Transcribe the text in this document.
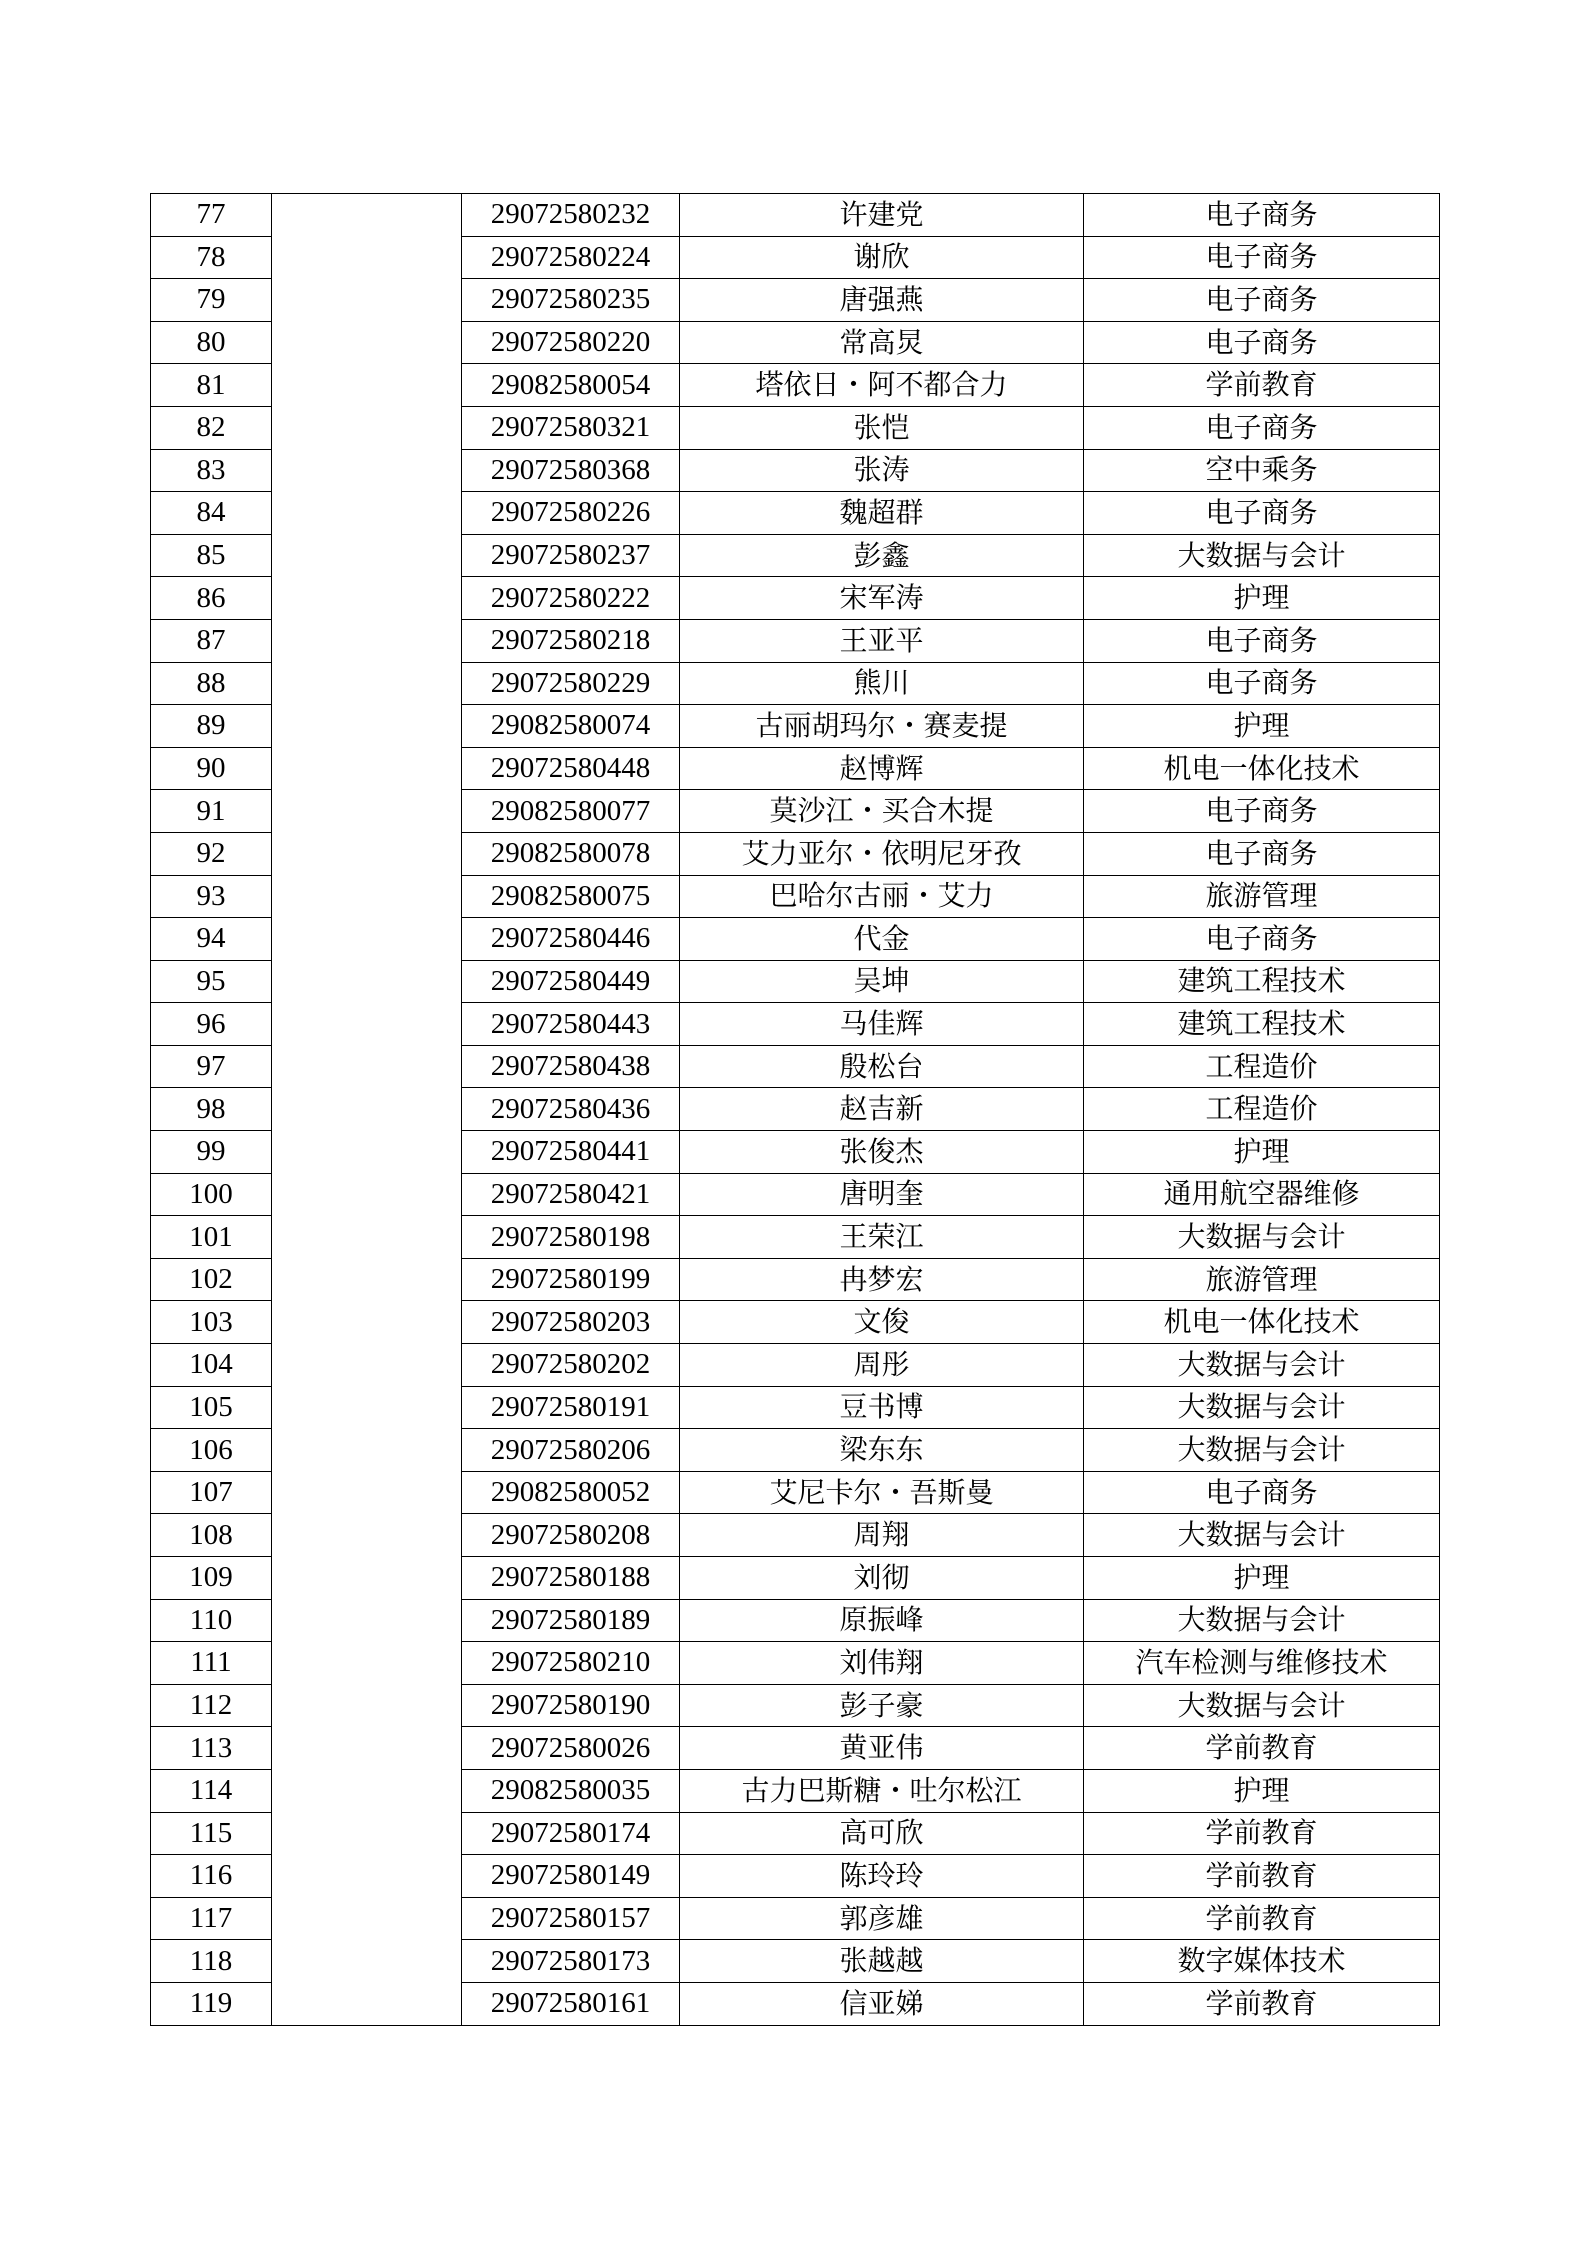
77		29072580232	许建党	电子商务
78		29072580224	谢欣	电子商务
79		29072580235	唐强燕	电子商务
80		29072580220	常高炅	电子商务
81		29082580054	塔依日・阿不都合力	学前教育
82		29072580321	张恺	电子商务
83		29072580368	张涛	空中乘务
84		29072580226	魏超群	电子商务
85		29072580237	彭鑫	大数据与会计
86		29072580222	宋军涛	护理
87		29072580218	王亚平	电子商务
88		29072580229	熊川	电子商务
89		29082580074	古丽胡玛尔・赛麦提	护理
90		29072580448	赵博辉	机电一体化技术
91		29082580077	莫沙江・买合木提	电子商务
92		29082580078	艾力亚尔・依明尼牙孜	电子商务
93		29082580075	巴哈尔古丽・艾力	旅游管理
94		29072580446	代金	电子商务
95		29072580449	吴坤	建筑工程技术
96		29072580443	马佳辉	建筑工程技术
97		29072580438	殷松台	工程造价
98		29072580436	赵吉新	工程造价
99		29072580441	张俊杰	护理
100		29072580421	唐明奎	通用航空器维修
101		29072580198	王荣江	大数据与会计
102		29072580199	冉梦宏	旅游管理
103		29072580203	文俊	机电一体化技术
104		29072580202	周彤	大数据与会计
105		29072580191	豆书博	大数据与会计
106		29072580206	梁东东	大数据与会计
107		29082580052	艾尼卡尔・吾斯曼	电子商务
108		29072580208	周翔	大数据与会计
109		29072580188	刘彻	护理
110		29072580189	原振峰	大数据与会计
111		29072580210	刘伟翔	汽车检测与维修技术
112		29072580190	彭子豪	大数据与会计
113		29072580026	黄亚伟	学前教育
114		29082580035	古力巴斯糖・吐尔松江	护理
115		29072580174	高可欣	学前教育
116		29072580149	陈玲玲	学前教育
117		29072580157	郭彦雄	学前教育
118		29072580173	张越越	数字媒体技术
119		29072580161	信亚娣	学前教育
